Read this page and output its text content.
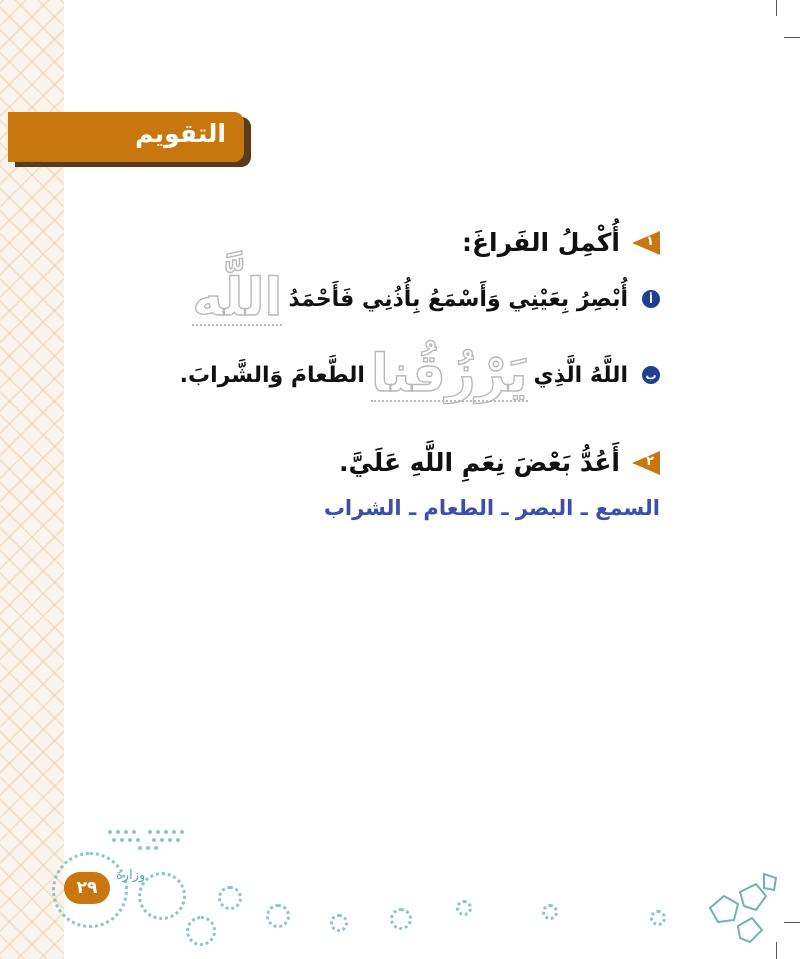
التقويم
١
أُكْمِلُ الفَراغَ:
أ
أُبْصِرُ بِعَيْنِي وَأَسْمَعُ بِأُذُنِي فَأَحْمَدُ
اللَّه
ب
اللَّهُ الَّذِي
يَرْزُقُنا
الطَّعامَ وَالشَّرابَ.
٢
أَعُدُّ بَعْضَ نِعَمِ اللَّهِ عَلَيَّ.
السمع ـ البصر ـ الطعام ـ الشراب
وزارة
٢٩
